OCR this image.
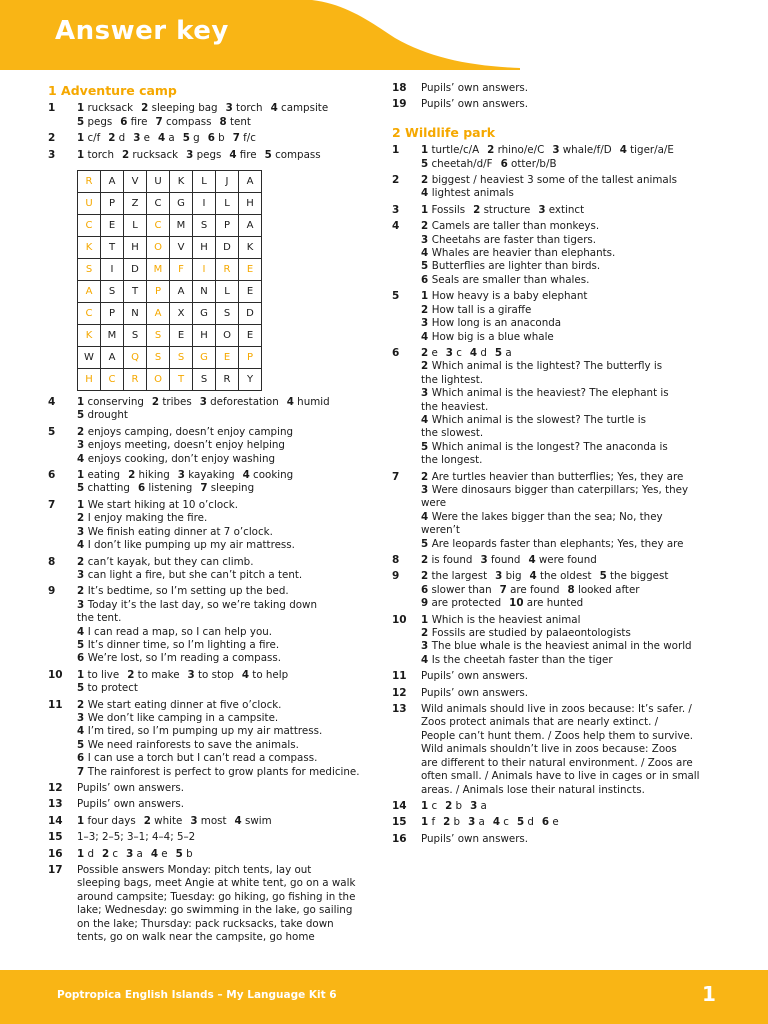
Answer key
1 Adventure camp
1	1 rucksack 2 sleeping bag 3 torch 4 campsite
5 pegs 6 fire 7 compass 8 tent
2	1 c/f 2 d 3 e 4 a 5 g 6 b 7 f/c
3	1 torch 2 rucksack 3 pegs 4 fire 5 compass
R	A	V	U	K	L	J	A
U	P	Z	C	G	I	L	H
C	E	L	C	M	S	P	A
K	T	H	O	V	H	D	K
S	I	D	M	F	I	R	E
A	S	T	P	A	N	L	E
C	P	N	A	X	G	S	D
K	M	S	S	E	H	O	E
W	A	Q	S	S	G	E	P
H	C	R	O	T	S	R	Y
4	1 conserving 2 tribes 3 deforestation 4 humid
5 drought
5	2 enjoys camping, doesn’t enjoy camping
3 enjoys meeting, doesn’t enjoy helping
4 enjoys cooking, don’t enjoy washing
6	1 eating 2 hiking 3 kayaking 4 cooking
5 chatting 6 listening 7 sleeping
7	1 We start hiking at 10 o’clock.
2 I enjoy making the fire.
3 We finish eating dinner at 7 o’clock.
4 I don’t like pumping up my air mattress.
8	2 can’t kayak, but they can climb.
3 can light a fire, but she can’t pitch a tent.
9	2 It’s bedtime, so I’m setting up the bed.
3 Today it’s the last day, so we’re taking down
the tent.
4 I can read a map, so I can help you.
5 It’s dinner time, so I’m lighting a fire.
6 We’re lost, so I’m reading a compass.
10	1 to live 2 to make 3 to stop 4 to help
5 to protect
11	2 We start eating dinner at five o’clock.
3 We don’t like camping in a campsite.
4 I’m tired, so I’m pumping up my air mattress.
5 We need rainforests to save the animals.
6 I can use a torch but I can’t read a compass.
7 The rainforest is perfect to grow plants for medicine.
12	Pupils’ own answers.
13	Pupils’ own answers.
14	1 four days 2 white 3 most 4 swim
15	1–3; 2–5; 3–1; 4–4; 5–2
16	1 d 2 c 3 a 4 e 5 b
17	Possible answers Monday: pitch tents, lay out
sleeping bags, meet Angie at white tent, go on a walk
around campsite; Tuesday: go hiking, go fishing in the
lake; Wednesday: go swimming in the lake, go sailing
on the lake; Thursday: pack rucksacks, take down
tents, go on walk near the campsite, go home
18	Pupils’ own answers.
19	Pupils’ own answers.
2 Wildlife park
1	1 turtle/c/A 2 rhino/e/C 3 whale/f/D 4 tiger/a/E
5 cheetah/d/F 6 otter/b/B
2	2 biggest / heaviest 3 some of the tallest animals
4 lightest animals
3	1 Fossils 2 structure 3 extinct
4	2 Camels are taller than monkeys.
3 Cheetahs are faster than tigers.
4 Whales are heavier than elephants.
5 Butterflies are lighter than birds.
6 Seals are smaller than whales.
5	1 How heavy is a baby elephant
2 How tall is a giraffe
3 How long is an anaconda
4 How big is a blue whale
6	2 e 3 c 4 d 5 a
2 Which animal is the lightest? The butterfly is
the lightest.
3 Which animal is the heaviest? The elephant is
the heaviest.
4 Which animal is the slowest? The turtle is
the slowest.
5 Which animal is the longest? The anaconda is
the longest.
7	2 Are turtles heavier than butterflies; Yes, they are
3 Were dinosaurs bigger than caterpillars; Yes, they
were
4 Were the lakes bigger than the sea; No, they
weren’t
5 Are leopards faster than elephants; Yes, they are
8	2 is found 3 found 4 were found
9	2 the largest 3 big 4 the oldest 5 the biggest
6 slower than 7 are found 8 looked after
9 are protected 10 are hunted
10	1 Which is the heaviest animal
2 Fossils are studied by palaeontologists
3 The blue whale is the heaviest animal in the world
4 Is the cheetah faster than the tiger
11	Pupils’ own answers.
12	Pupils’ own answers.
13	Wild animals should live in zoos because: It’s safer. /
Zoos protect animals that are nearly extinct. /
People can’t hunt them. / Zoos help them to survive.
Wild animals shouldn’t live in zoos because: Zoos
are different to their natural environment. / Zoos are
often small. / Animals have to live in cages or in small
areas. / Animals lose their natural instincts.
14	1 c 2 b 3 a
15	1 f 2 b 3 a 4 c 5 d 6 e
16	Pupils’ own answers.
Poptropica English Islands – My Language Kit 6	1
